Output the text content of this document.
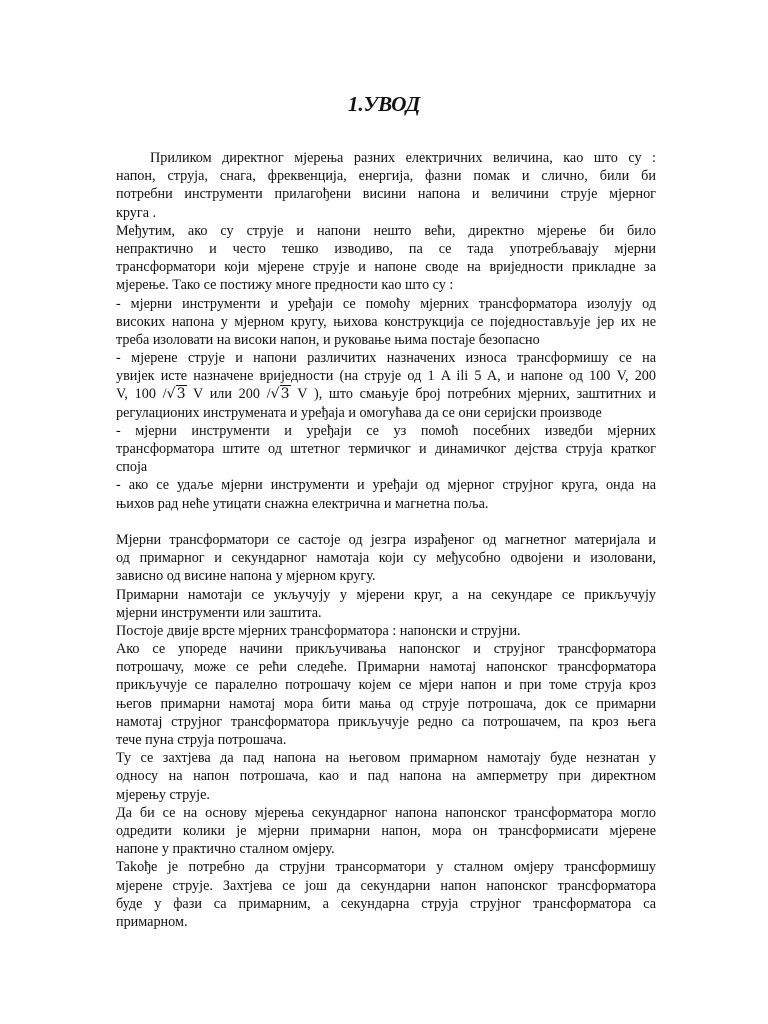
1.УВОД
Приликом директног мјерења разних електричних величина, као што су :
напон, струја, снага, фреквенција, енергија, фазни помак и слично, били би
потребни инструменти прилагођени висини напона и величини струје мјерног
круга .
Међутим, ако су струје и напони нешто већи, директно мјерење би било
непрактично и често тешко изводиво, па се тада употребљавају мјерни
трансформатори који мјерене струје и напоне своде на вриједности прикладне за
мјерење. Тако се постижу многе предности као што су :
- мјерни инструменти и уређаји се помоћу мјерних трансформатора изолују од
високих напона у мјерном кругу, њихова конструкција се поједностављује јер их не
треба изоловати на високи напон, и руковање њима постаје безопасно
- мјерене струје и напони различитих назначених износа трансформишу се на
увијек исте назначене вриједности (на струје од 1 A ili 5 A, и напоне од 100 V, 200
V, 100 /√3 V или 200 /√3 V ), што смањује број потребних мјерних, заштитних и
регулационих инструмената и уређаја и омогућава да се они серијски производе
- мјерни инструменти и уређаји се уз помоћ посебних изведби мјерних
трансформатора штите од штетног термичког и динамичког дејства струја кратког
споја
- ако се удаље мјерни инструменти и уређаји од мјерног струјног круга, онда на
њихов рад неће утицати снажна електрична и магнетна поља.
Мјерни трансформатори се састоје од језгра израђеног од магнетног материјала и
од примарног и секундарног намотаја који су међусобно одвојени и изоловани,
зависно од висине напона у мјерном кругу.
Примарни намотаји се укључују у мјерени круг, а на секундаре се прикључују
мјерни инструменти или заштита.
Постоје двије врсте мјерних трансформатора : напонски и струјни.
Ако се упореде начини прикључивања напонског и струјног трансформатора
потрошачу, може се рећи следеће. Примарни намотај напонског трансформатора
прикључује се паралелно потрошачу којем се мјери напон и при томе струја кроз
његов примарни намотај мора бити мања од струје потрошача, док се примарни
намотај струјног трансформатора прикључује редно са потрошачем, па кроз њега
тече пуна струја потрошача.
Ту се захтјева да пад напона на његовом примарном намотају буде незнатан у
односу на напон потрошача, као и пад напона на амперметру при директном
мјерењу струје.
Да би се на основу мјерења секундарног напона напонског трансформатора могло
одредити колики је мјерни примарни напон, мора он трансформисати мјерене
напоне у практично сталном омјеру.
Takoђe је потребно да струјни трансорматори у сталном омјеру трансформишу
мјерене струје. Захтјева се још да секундарни напон напонског трансформатора
буде у фази са примарним, а секундарна струја струјног трансформатора са
примарном.
